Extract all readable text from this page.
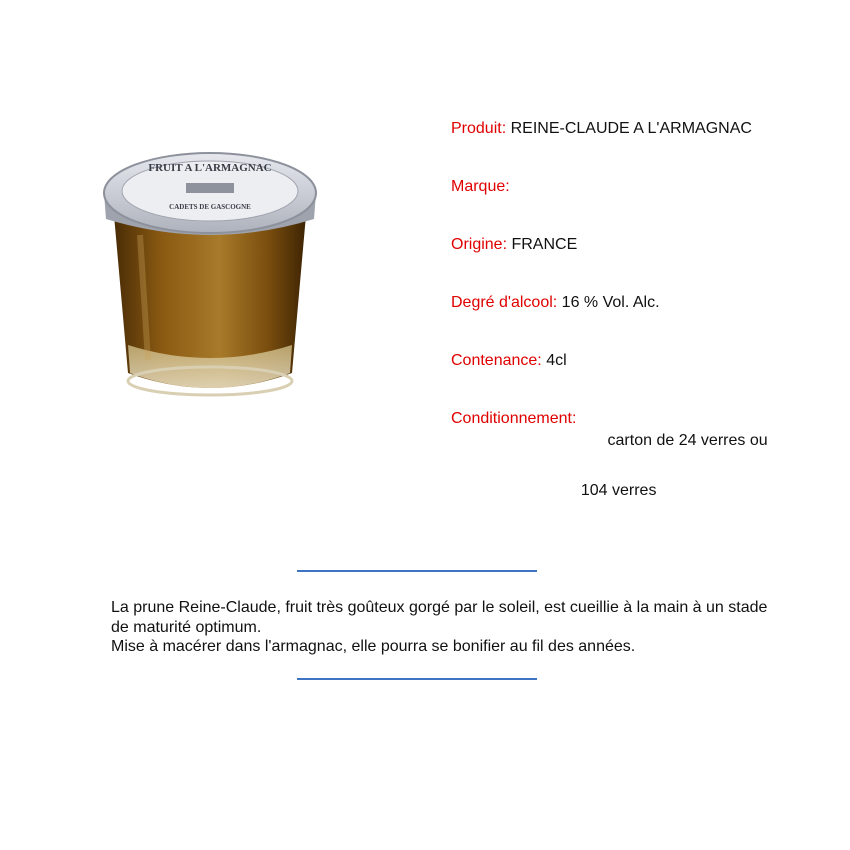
FRUIT A L'ARMAGNAC
CADETS DE GASCOGNE
Produit: REINE-CLAUDE A L'ARMAGNAC
Marque:
Origine: FRANCE
Degré d'alcool: 16 % Vol. Alc.
Contenance: 4cl
Conditionnement:

carton de 24 verres ou

104 verres

La prune Reine-Claude, fruit très goûteux gorgé par le soleil, est cueillie à la main à un stade de maturité optimum.

Mise à macérer dans l'armagnac, elle pourra se bonifier au fil des années.
